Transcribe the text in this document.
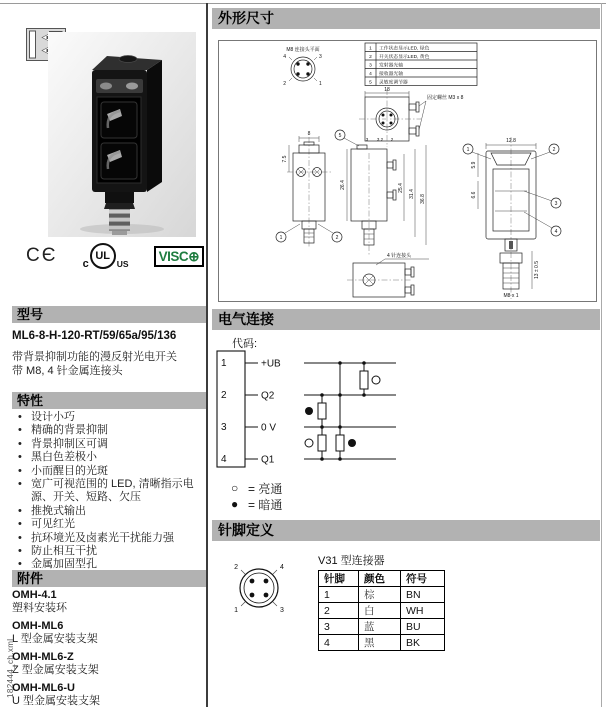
CЄ c
UL
US
VISC⊕
型号
ML6-8-H-120-RT/59/65a/95/136
带背景抑制功能的漫反射光电开关
带 M8, 4 针金属连接头
特性
• 设计小巧
• 精确的背景抑制
• 背景抑制区可调
• 黑白色差极小
• 小而醒目的光斑
• 宽广可视范围的 LED, 清晰指示电源、开关、短路、欠压
• 推挽式输出
• 可见红光
• 抗环境光及卤素光干扰能力强
• 防止相互干扰
• 金属加固型孔
附件
OMH-4.1
塑料安装环
OMH-ML6
L 型金属安装支架
OMH-ML6-Z
Z 型金属安装支架
OMH-ML6-U
U 型金属安装支架
182444_ch.xml
外形尺寸
M8 连接头平面
4	3
2	1
1 工作状态显示LED, 绿色
2 开关状态显示LED, 黄色
3 发射器光轴
4 接收器光轴
5 灵敏度调节器
18
固定螺丝 M3 x 8
8
7.5
1	2
5
26.4
3 3.2 2
25.4
31.4
36.8
4 针连接头
12.8
1	2
3
4
5.9
6.6
M8 x 1
13 ± 0.5
电气连接
代码:
1
2
3
4
+UB
Q2
0 V
Q1
○ = 亮通
● = 暗通
针脚定义
2	4
1	3
V31 型连接器
针脚	颜色	符号
1	棕	BN
2	白	WH
3	蓝	BU
4	黑	BK
